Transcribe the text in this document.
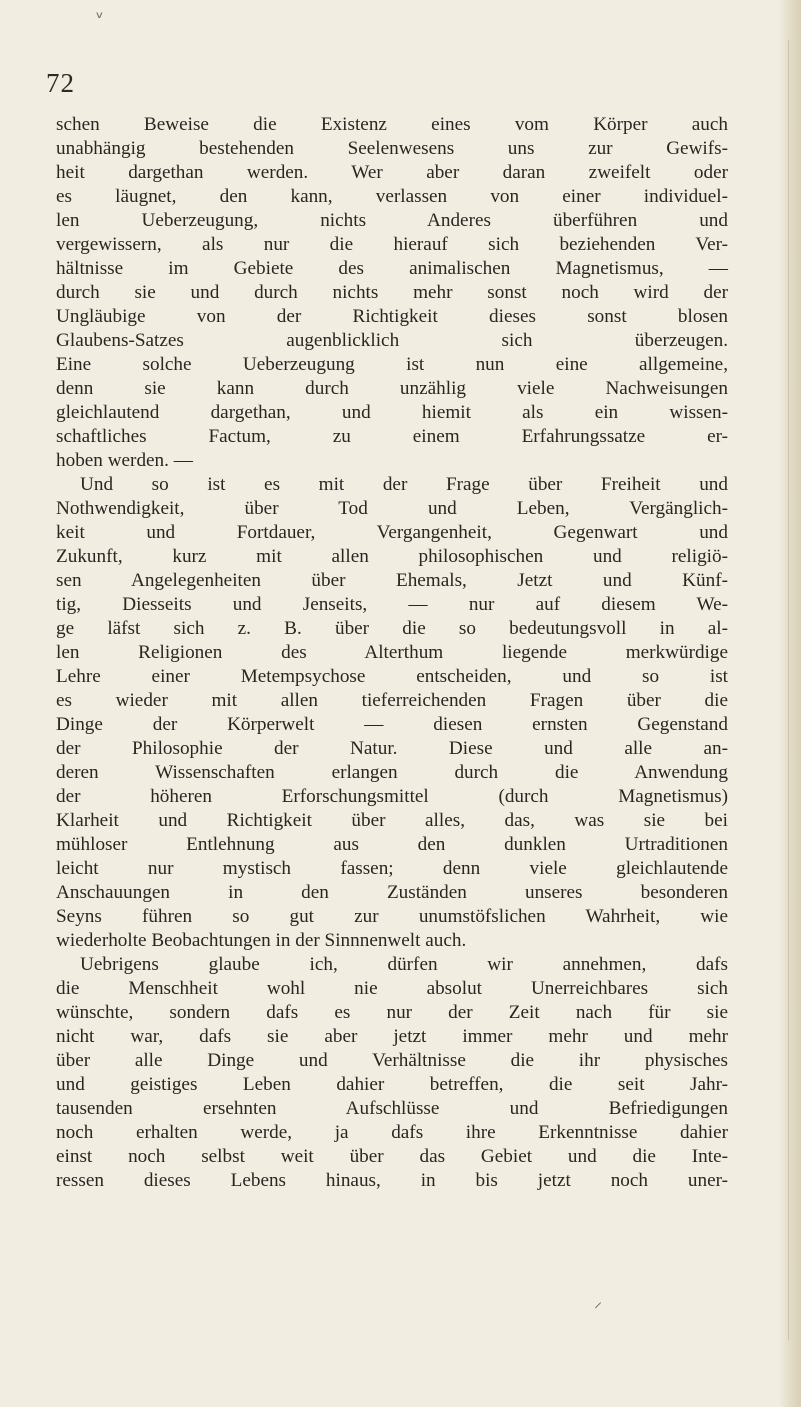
ᵛ
⸝
72
schen Beweise die Existenz eines vom Körper auch
unabhängig bestehenden Seelenwesens uns zur Gewifs-
heit dargethan werden. Wer aber daran zweifelt oder
es läugnet, den kann, verlassen von einer individuel-
len Ueberzeugung, nichts Anderes überführen und
vergewissern, als nur die hierauf sich beziehenden Ver-
hältnisse im Gebiete des animalischen Magnetismus, —
durch sie und durch nichts mehr sonst noch wird der
Ungläubige von der Richtigkeit dieses sonst blosen
Glaubens-Satzes augenblicklich sich überzeugen.
Eine solche Ueberzeugung ist nun eine allgemeine,
denn sie kann durch unzählig viele Nachweisungen
gleichlautend dargethan, und hiemit als ein wissen-
schaftliches Factum, zu einem Erfahrungssatze er-
hoben werden. —
Und so ist es mit der Frage über Freiheit und
Nothwendigkeit, über Tod und Leben, Vergänglich-
keit und Fortdauer, Vergangenheit, Gegenwart und
Zukunft, kurz mit allen philosophischen und religiö-
sen Angelegenheiten über Ehemals, Jetzt und Künf-
tig, Diesseits und Jenseits, — nur auf diesem We-
ge läfst sich z. B. über die so bedeutungsvoll in al-
len Religionen des Alterthum liegende merkwürdige
Lehre einer Metempsychose entscheiden, und so ist
es wieder mit allen tieferreichenden Fragen über die
Dinge der Körperwelt — diesen ernsten Gegenstand
der Philosophie der Natur. Diese und alle an-
deren Wissenschaften erlangen durch die Anwendung
der höheren Erforschungsmittel (durch Magnetismus)
Klarheit und Richtigkeit über alles, das, was sie bei
mühloser Entlehnung aus den dunklen Urtraditionen
leicht nur mystisch fassen; denn viele gleichlautende
Anschauungen in den Zuständen unseres besonderen
Seyns führen so gut zur unumstöfslichen Wahrheit, wie
wiederholte Beobachtungen in der Sinnnenwelt auch.
Uebrigens glaube ich, dürfen wir annehmen, dafs
die Menschheit wohl nie absolut Unerreichbares sich
wünschte, sondern dafs es nur der Zeit nach für sie
nicht war, dafs sie aber jetzt immer mehr und mehr
über alle Dinge und Verhältnisse die ihr physisches
und geistiges Leben dahier betreffen, die seit Jahr-
tausenden ersehnten Aufschlüsse und Befriedigungen
noch erhalten werde, ja dafs ihre Erkenntnisse dahier
einst noch selbst weit über das Gebiet und die Inte-
ressen dieses Lebens hinaus, in bis jetzt noch uner-
